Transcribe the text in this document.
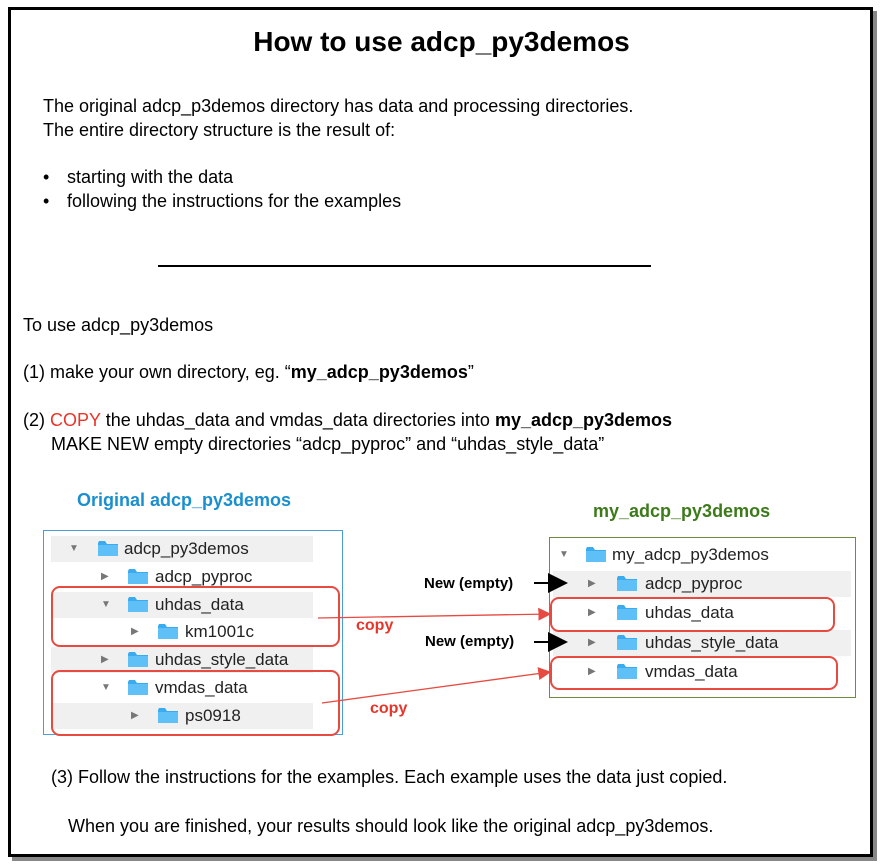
How to use adcp_py3demos
The original adcp_p3demos directory has data and processing directories.
The entire directory structure is the result of:
• starting with the data
• following the instructions for the examples
To use adcp_py3demos
(1) make your own directory, eg. “my_adcp_py3demos”
(2) COPY the uhdas_data and vmdas_data directories into my_adcp_py3demos
MAKE NEW empty directories “adcp_pyproc” and “uhdas_style_data”
Original adcp_py3demos
my_adcp_py3demos
▼	adcp_py3demos
▶	adcp_pyproc
▼	uhdas_data
▶	km1001c
▶	uhdas_style_data
▼	vmdas_data
▶	ps0918
▼	my_adcp_py3demos
▶	adcp_pyproc
▶	uhdas_data
▶	uhdas_style_data
▶	vmdas_data
copy
copy
New (empty)
New (empty)
(3) Follow the instructions for the examples. Each example uses the data just copied.
When you are finished, your results should look like the original adcp_py3demos.
